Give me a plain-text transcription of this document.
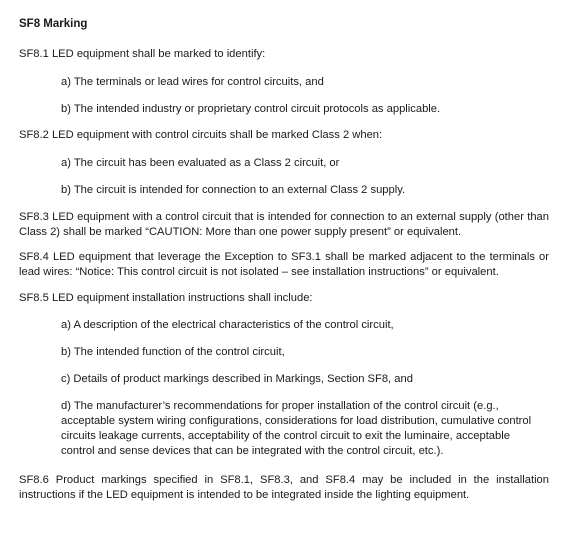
SF8 Marking
SF8.1 LED equipment shall be marked to identify:
a) The terminals or lead wires for control circuits, and
b) The intended industry or proprietary control circuit protocols as applicable.
SF8.2 LED equipment with control circuits shall be marked Class 2 when:
a) The circuit has been evaluated as a Class 2 circuit, or
b) The circuit is intended for connection to an external Class 2 supply.
SF8.3 LED equipment with a control circuit that is intended for connection to an external supply (other than Class 2) shall be marked “CAUTION: More than one power supply present” or equivalent.
SF8.4 LED equipment that leverage the Exception to SF3.1 shall be marked adjacent to the terminals or lead wires: “Notice: This control circuit is not isolated – see installation instructions” or equivalent.
SF8.5 LED equipment installation instructions shall include:
a) A description of the electrical characteristics of the control circuit,
b) The intended function of the control circuit,
c) Details of product markings described in Markings, Section SF8, and
d) The manufacturer’s recommendations for proper installation of the control circuit (e.g., acceptable system wiring configurations, considerations for load distribution, cumulative control circuits leakage currents, acceptability of the control circuit to exit the luminaire, acceptable control and sense devices that can be integrated with the control circuit, etc.).
SF8.6 Product markings specified in SF8.1, SF8.3, and SF8.4 may be included in the installation instructions if the LED equipment is intended to be integrated inside the lighting equipment.
